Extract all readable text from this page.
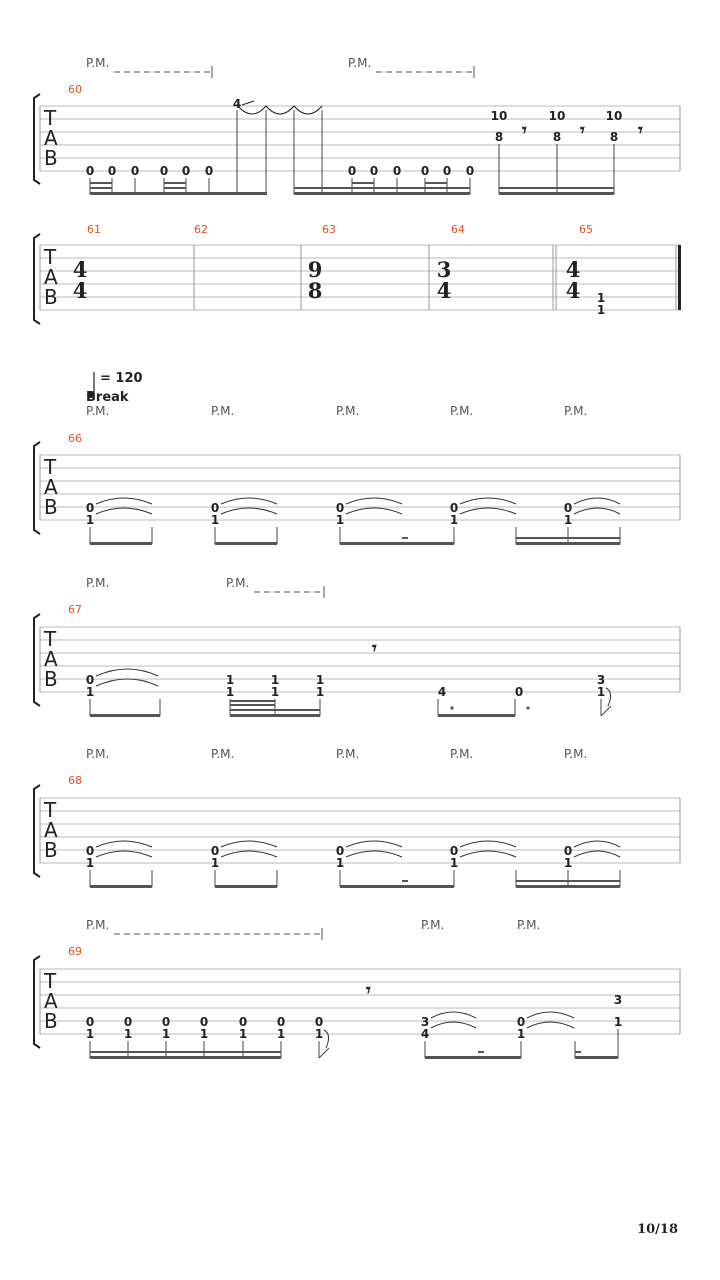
P.M.	P.M.
60
T
A
B
0 0 0 0 0 0
4
0 0 0 0 0 0
10
8
10
8
10
8
𝄾	𝄾	𝄾
61	62	63	64	65
T
A
B
4
4
9
8
3
4
4
4 1
1
= 120
Break
P.M.	P.M.	P.M.	P.M.	P.M.
66
T
A
B 0
1
0
1
0
1
0
1
0
1
P.M.	P.M.
67
T
A
B
𝄾
0
1
1
1
1
1
1
1	4	0
3
1
P.M.	P.M.	P.M.	P.M.	P.M.
68
T
A
B 0
1
0
1
0
1
0
1
0
1
P.M.	P.M.	P.M.
69
T
A
B
𝄾
0
1
0
1
0
1
0
1
0
1
0
1
0
1
3
4
0
1
3
1
10/18
